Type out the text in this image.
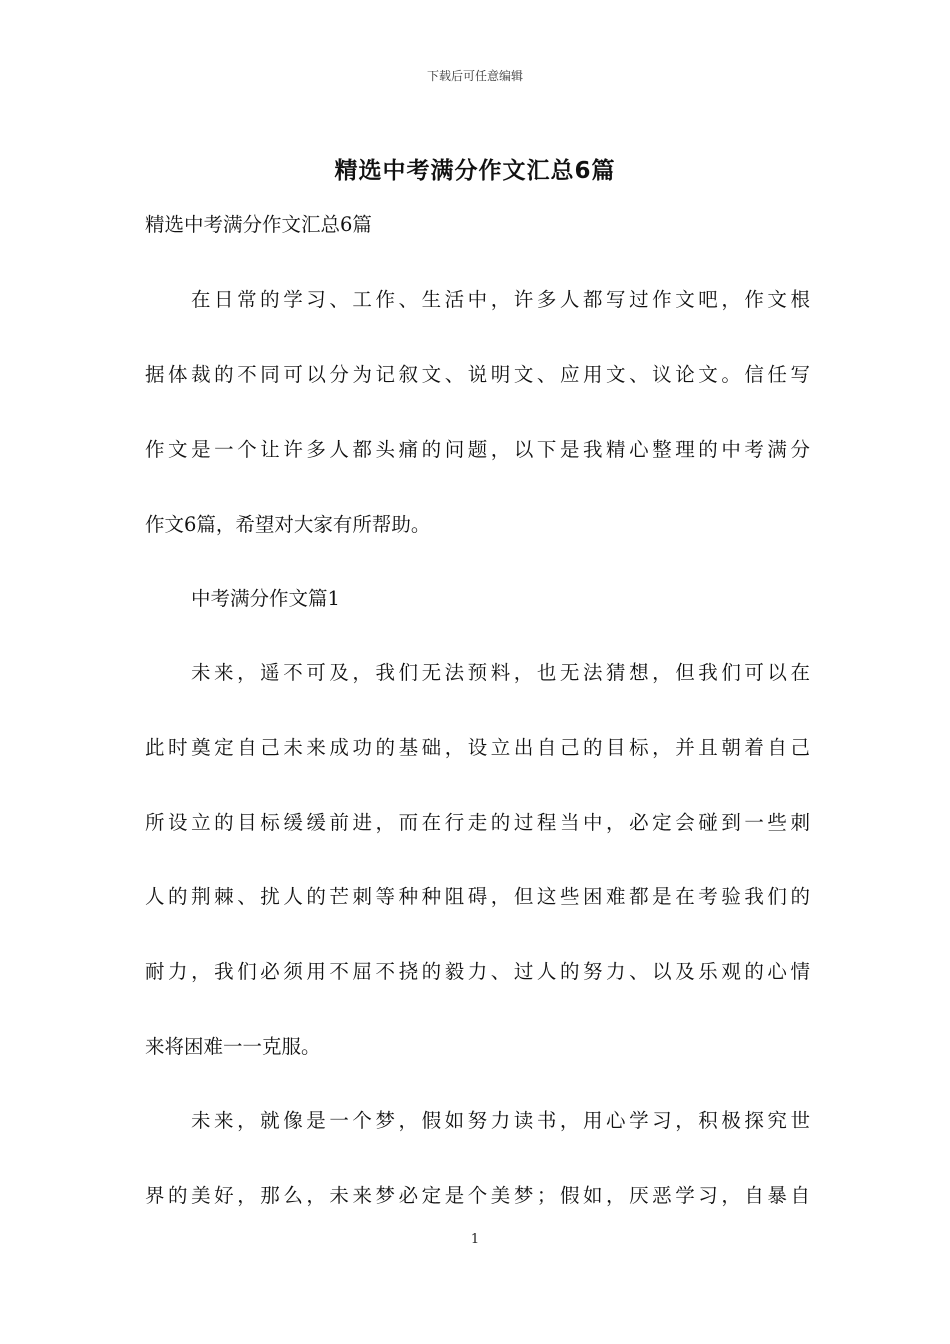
下载后可任意编辑
精选中考满分作文汇总6篇
精选中考满分作文汇总6篇
在日常的学习、工作、生活中，许多人都写过作文吧，作文根
据体裁的不同可以分为记叙文、说明文、应用文、议论文。信任写
作文是一个让许多人都头痛的问题，以下是我精心整理的中考满分
作文6篇，希望对大家有所帮助。
中考满分作文篇1
未来，遥不可及，我们无法预料，也无法猜想，但我们可以在
此时奠定自己未来成功的基础，设立出自己的目标，并且朝着自己
所设立的目标缓缓前进，而在行走的过程当中，必定会碰到一些刺
人的荆棘、扰人的芒刺等种种阻碍，但这些困难都是在考验我们的
耐力，我们必须用不屈不挠的毅力、过人的努力、以及乐观的心情
来将困难一一克服。
未来，就像是一个梦，假如努力读书，用心学习，积极探究世
界的美好，那么，未来梦必定是个美梦；假如，厌恶学习，自暴自
1
